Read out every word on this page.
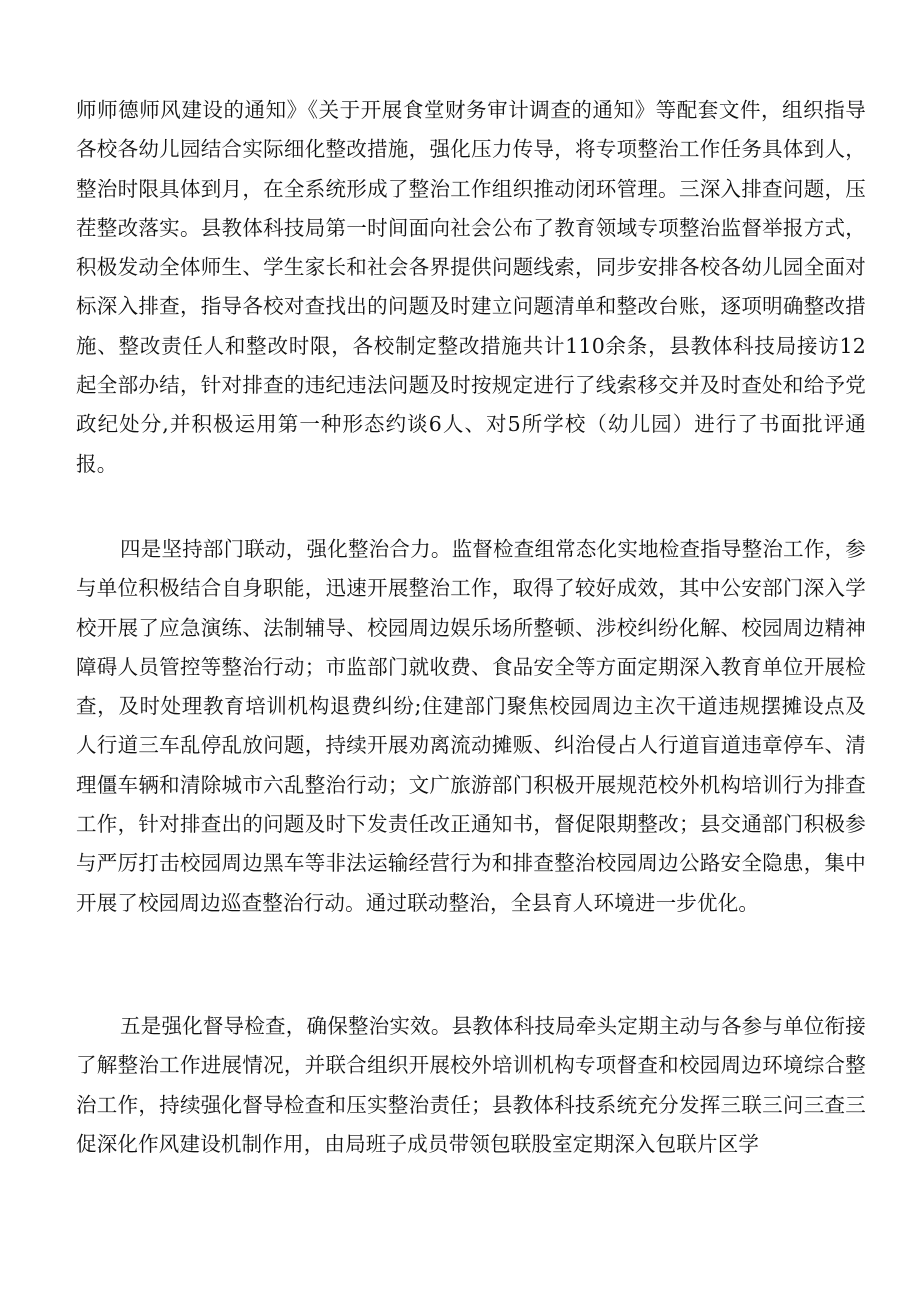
师师德师风建设的通知》《关于开展食堂财务审计调查的通知》等配套文件，组织指导各校各幼儿园结合实际细化整改措施，强化压力传导，将专项整治工作任务具体到人，整治时限具体到月，在全系统形成了整治工作组织推动闭环管理。三深入排查问题，压茬整改落实。县教体科技局第一时间面向社会公布了教育领域专项整治监督举报方式，积极发动全体师生、学生家长和社会各界提供问题线索，同步安排各校各幼儿园全面对标深入排查，指导各校对查找出的问题及时建立问题清单和整改台账，逐项明确整改措施、整改责任人和整改时限，各校制定整改措施共计110余条，县教体科技局接访12起全部办结，针对排查的违纪违法问题及时按规定进行了线索移交并及时查处和给予党政纪处分,并积极运用第一种形态约谈6人、对5所学校（幼儿园）进行了书面批评通报。

四是坚持部门联动，强化整治合力。监督检查组常态化实地检查指导整治工作，参与单位积极结合自身职能，迅速开展整治工作，取得了较好成效，其中公安部门深入学校开展了应急演练、法制辅导、校园周边娱乐场所整顿、涉校纠纷化解、校园周边精神障碍人员管控等整治行动；市监部门就收费、食品安全等方面定期深入教育单位开展检查，及时处理教育培训机构退费纠纷;住建部门聚焦校园周边主次干道违规摆摊设点及人行道三车乱停乱放问题，持续开展劝离流动摊贩、纠治侵占人行道盲道违章停车、清理僵车辆和清除城市六乱整治行动；文广旅游部门积极开展规范校外机构培训行为排查工作，针对排查出的问题及时下发责任改正通知书，督促限期整改；县交通部门积极参与严厉打击校园周边黑车等非法运输经营行为和排查整治校园周边公路安全隐患，集中开展了校园周边巡查整治行动。通过联动整治，全县育人环境进一步优化。

五是强化督导检查，确保整治实效。县教体科技局牵头定期主动与各参与单位衔接了解整治工作进展情况，并联合组织开展校外培训机构专项督查和校园周边环境综合整治工作，持续强化督导检查和压实整治责任；县教体科技系统充分发挥三联三问三查三促深化作风建设机制作用，由局班子成员带领包联股室定期深入包联片区学
